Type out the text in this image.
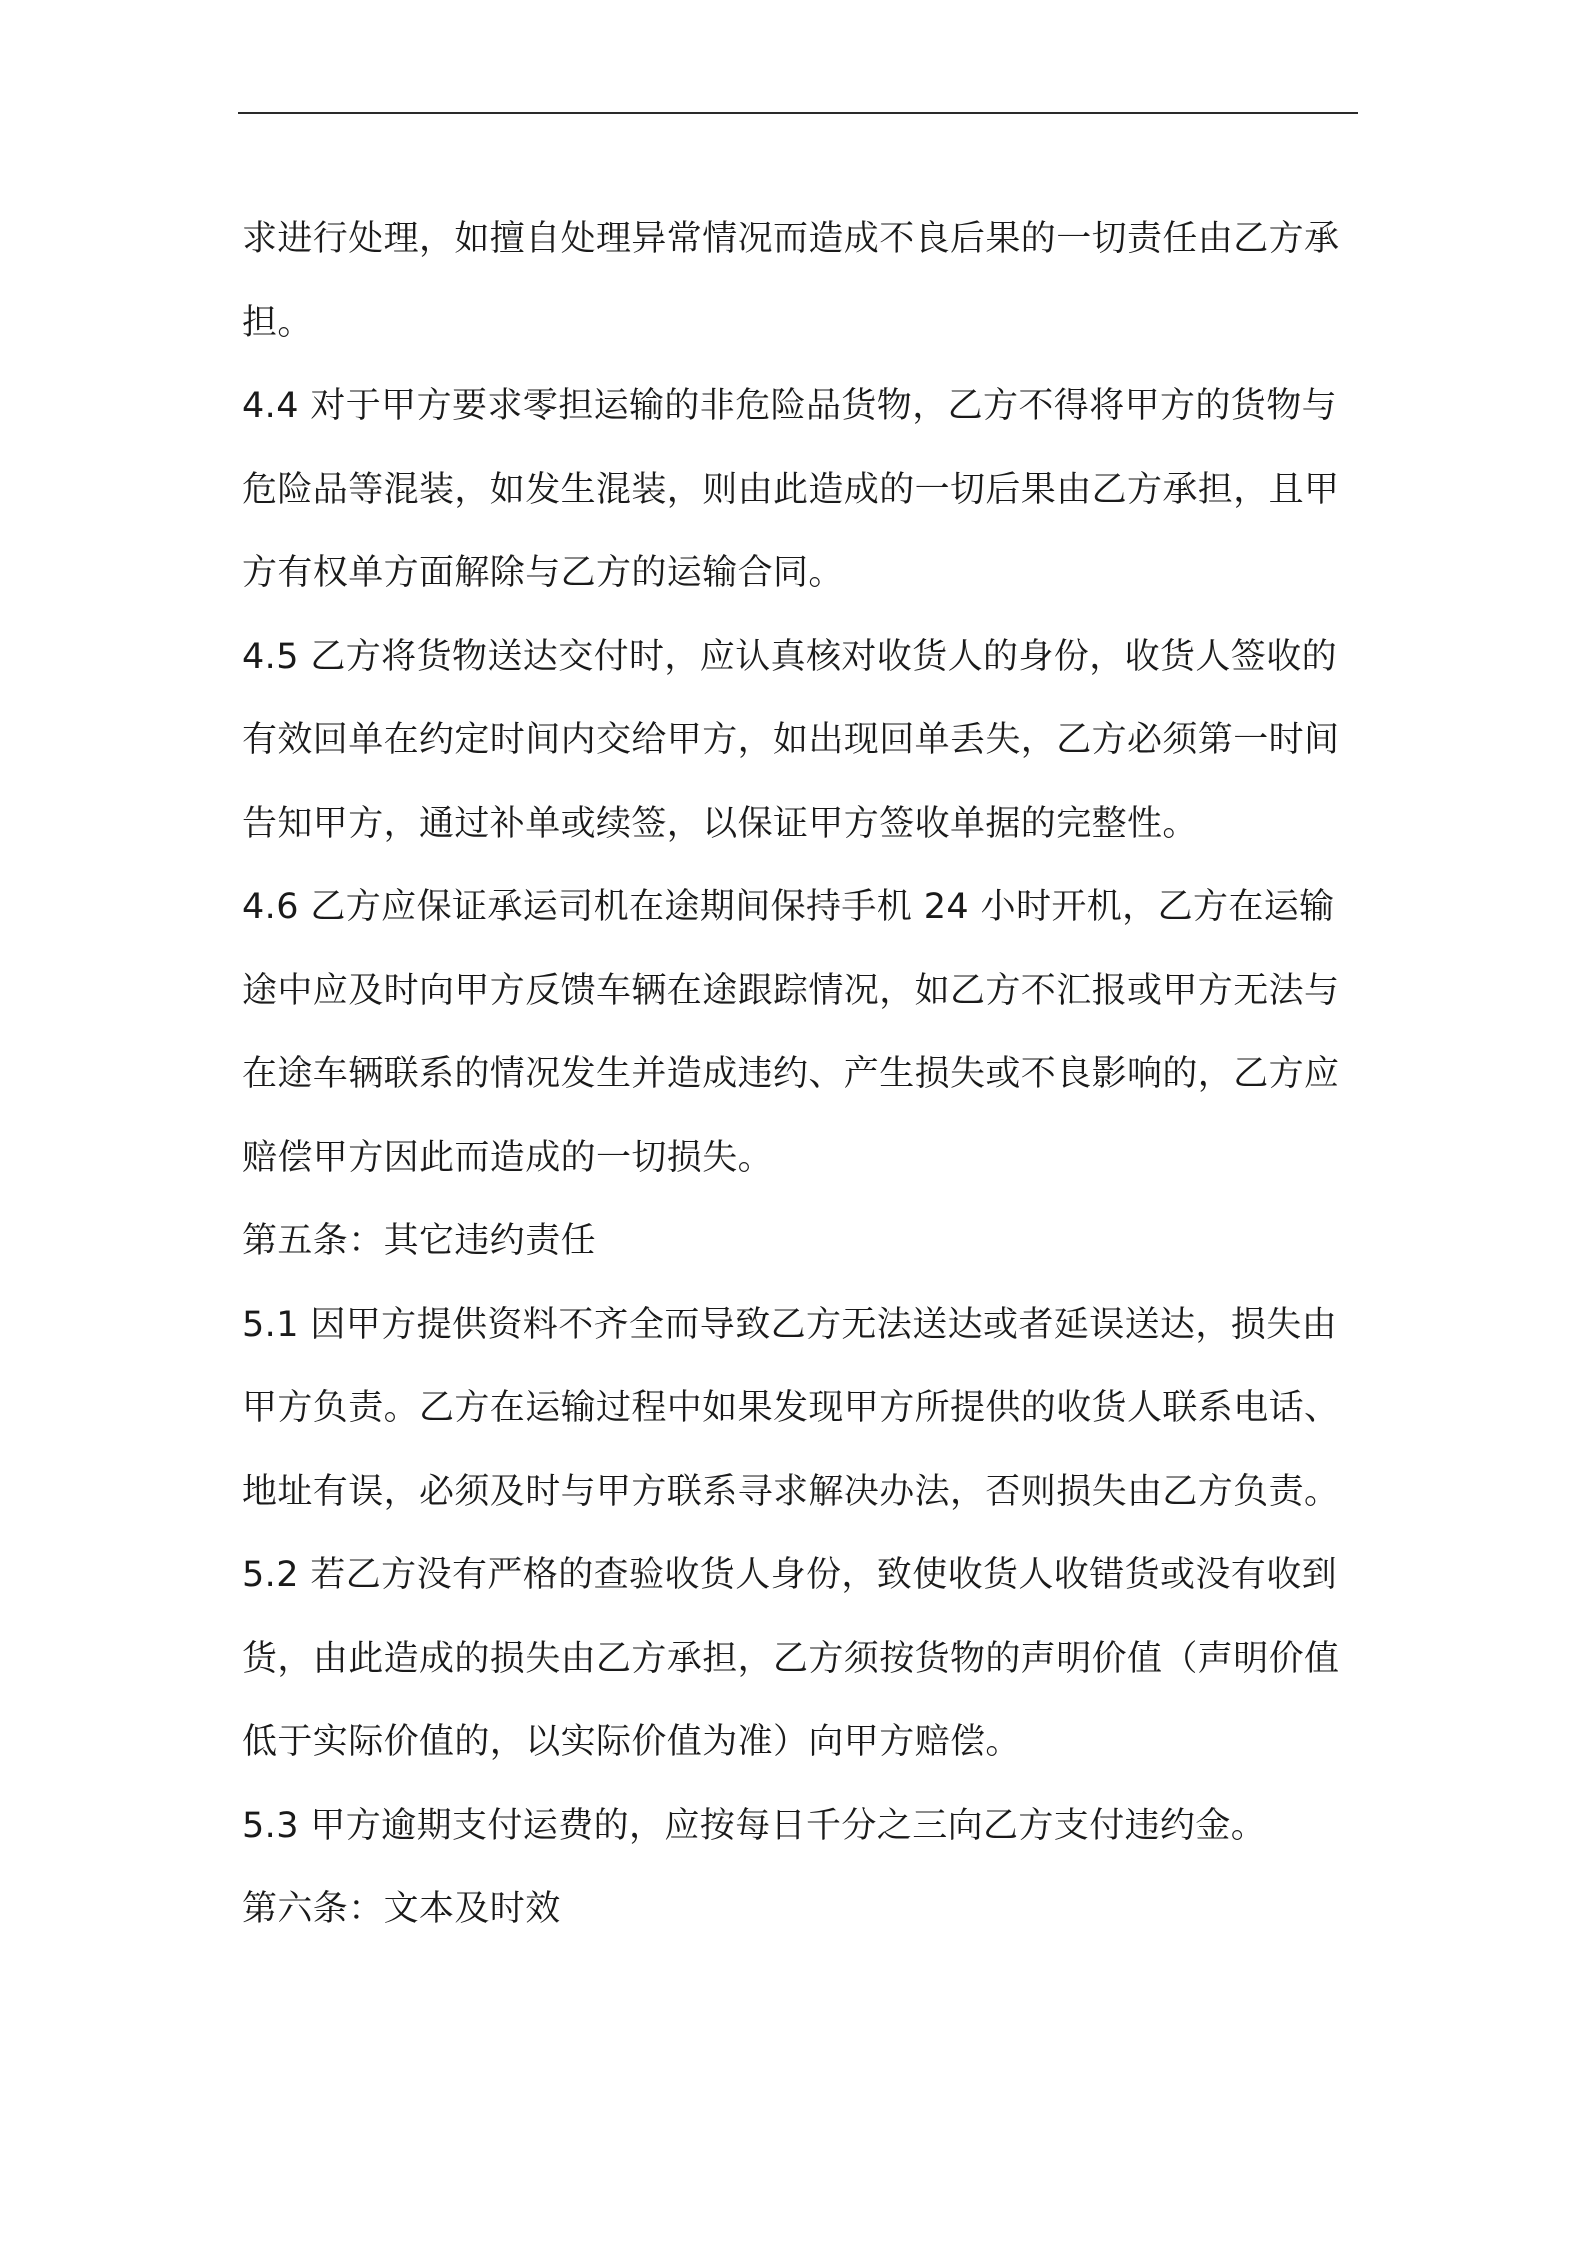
求进行处理，如擅自处理异常情况而造成不良后果的一切责任由乙方承担。

4.4 对于甲方要求零担运输的非危险品货物，乙方不得将甲方的货物与危险品等混装，如发生混装，则由此造成的一切后果由乙方承担，且甲方有权单方面解除与乙方的运输合同。

4.5 乙方将货物送达交付时，应认真核对收货人的身份，收货人签收的有效回单在约定时间内交给甲方，如出现回单丢失，乙方必须第一时间告知甲方，通过补单或续签，以保证甲方签收单据的完整性。

4.6 乙方应保证承运司机在途期间保持手机 24 小时开机，乙方在运输途中应及时向甲方反馈车辆在途跟踪情况，如乙方不汇报或甲方无法与在途车辆联系的情况发生并造成违约、产生损失或不良影响的，乙方应赔偿甲方因此而造成的一切损失。

第五条：其它违约责任

5.1 因甲方提供资料不齐全而导致乙方无法送达或者延误送达，损失由甲方负责。乙方在运输过程中如果发现甲方所提供的收货人联系电话、地址有误，必须及时与甲方联系寻求解决办法，否则损失由乙方负责。

5.2 若乙方没有严格的查验收货人身份，致使收货人收错货或没有收到货，由此造成的损失由乙方承担，乙方须按货物的声明价值（声明价值低于实际价值的，以实际价值为准）向甲方赔偿。

5.3 甲方逾期支付运费的，应按每日千分之三向乙方支付违约金。

第六条：文本及时效
